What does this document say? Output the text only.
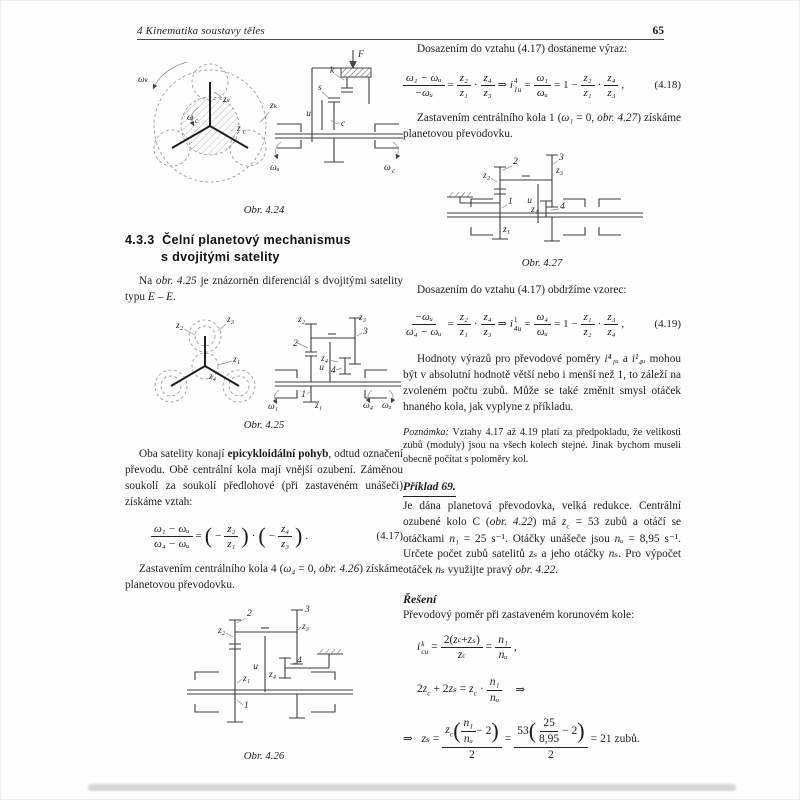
4 Kinematika soustavy těles	65
ωₖ
zₛ
zₖ
z c
ω c
F
k
s
u
c
ωᵤ	ω c
Obr. 4.24
4.3.3 Čelní planetový mechanismus
s dvojitými satelity

Na obr. 4.25 je znázorněn diferenciál s dvojitými satelity typu E – E.

z₃
z₂
z₁
z₄
z₂
2
z₃
3
u
z₄
4
1
z₁
ω₁	ω₄ ωᵤ
Obr. 4.25

Oba satelity konají epicykloidální pohyb, odtud označení převodu. Obě centrální kola mají vnější ozubení. Záměnou soukolí za soukolí předlohové (při zastaveném unášeči) získáme vztah:

$\frac{\text{ω₁ − ωᵤ}}{\text{ω₄ − ωᵤ}}$ = ( − $\frac{\text{z₂}}{\text{z₁}}$ ) · ( − $\frac{\text{z₄}}{\text{z₃}}$ ) .	(4.17)

Zastavením centrálního kola 4 (ω₄ = 0, obr. 4.26) získáme planetovou převodovku.

2
z₂
3
z₃
u
4
z₄
z₁
1
Obr. 4.26

Dosazením do vztahu (4.17) dostaneme výraz:

$\frac{\text{ω₁ − ωᵤ}}{\text{−ωᵤ}} = \frac{\text{z₂}}{\text{z₁}} \cdot \frac{\text{z₄}}{\text{z₃}}$ ⇒ i 4
$1u = \frac{\text{ω₁}}{\text{ωᵤ}} = 1 - \frac{\text{z₂}}{\text{z₁}} \cdot \frac{\text{z₄}}{\text{z₃}}$ ,	(4.18)

Zastavením centrálního kola 1 (ω₁ = 0, obr. 4.27) získáme planetovou převodovku.

2
z₂
3
z₃
1
z₁
u
z₄ 4
Obr. 4.27

Dosazením do vztahu (4.17) obdržíme vzorec:

$\frac{\text{−ωᵤ}}{\text{ω₄ − ωᵤ}} = \frac{\text{z₂}}{\text{z₁}} \cdot \frac{\text{z₄}}{\text{z₃}}$ ⇒ i 1
$4u = \frac{\text{ω₄}}{\text{ωᵤ}} = 1 - \frac{\text{z₁}}{\text{z₂}} \cdot \frac{\text{z₃}}{\text{z₄}}$ ,	(4.19)

Hodnoty výrazů pro převodové poměry i⁴₁ᵤ a i¹₄ᵤ mohou být v absolutní hodnotě větší nebo i menší než 1, to záleží na zvoleném počtu zubů. Může se také změnit smysl otáček hnaného kola, jak vyplyne z příkladu.

Poznámka: Vztahy 4.17 až 4.19 platí za předpokladu, že velikosti zubů (moduly) jsou na všech kolech stejné. Jinak bychom museli obecně počítat s poloměry kol.

Příklad 69.

Je dána planetová převodovka, velká redukce. Centrální ozubené kolo C (obr. 4.22) má $z_c = 53$ zubů a otáčí se otáčkami n₁ = 25 s⁻¹. Otáčky unášeče jsou nᵤ = 8,95 s⁻¹. Určete počet zubů satelitů zₛ a jeho otáčky nₛ. Pro výpočet otáček nₛ využijte pravý obr. 4.22.

Řešení

Převodový poměr při zastaveném korunovém kole:

i k
cu = $\frac{\text{2( z c + zₛ )}}{\text{z c}} = \frac{\text{n₁}}{\text{nᵤ}}$ ,
$2z_c + 2z_s = z_c \cdot \frac{\text{n₁}}{\text{nᵤ}}$ ⇒
⇒ $z_s = \frac{z_c ( \frac{\text{n₁}}{\text{nᵤ}} - 2 )}{2} = \frac{53 ( \frac{25}{8,95} - 2 )}{2} = 21$ zubů.
